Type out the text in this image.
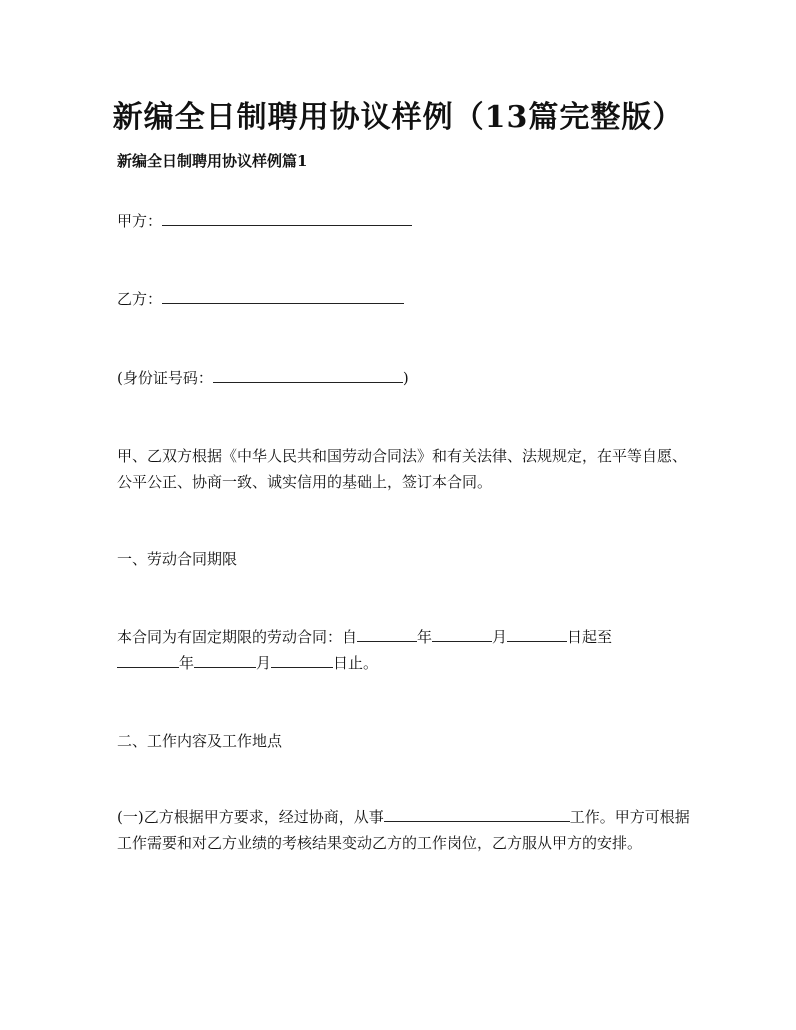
新编全日制聘用协议样例（13篇完整版）

新编全日制聘用协议样例篇1

甲方：

乙方：

(身份证号码：	)

甲、乙双方根据《中华人民共和国劳动合同法》和有关法律、法规规定，在平等自愿、公平公正、协商一致、诚实信用的基础上，签订本合同。

一、劳动合同期限

本合同为有固定期限的劳动合同：自	年	月	日起至
年	月	日止。

二、工作内容及工作地点

(一)乙方根据甲方要求，经过协商，从事	工作。甲方可根据工作需要和对乙方业绩的考核结果变动乙方的工作岗位，乙方服从甲方的安排。
